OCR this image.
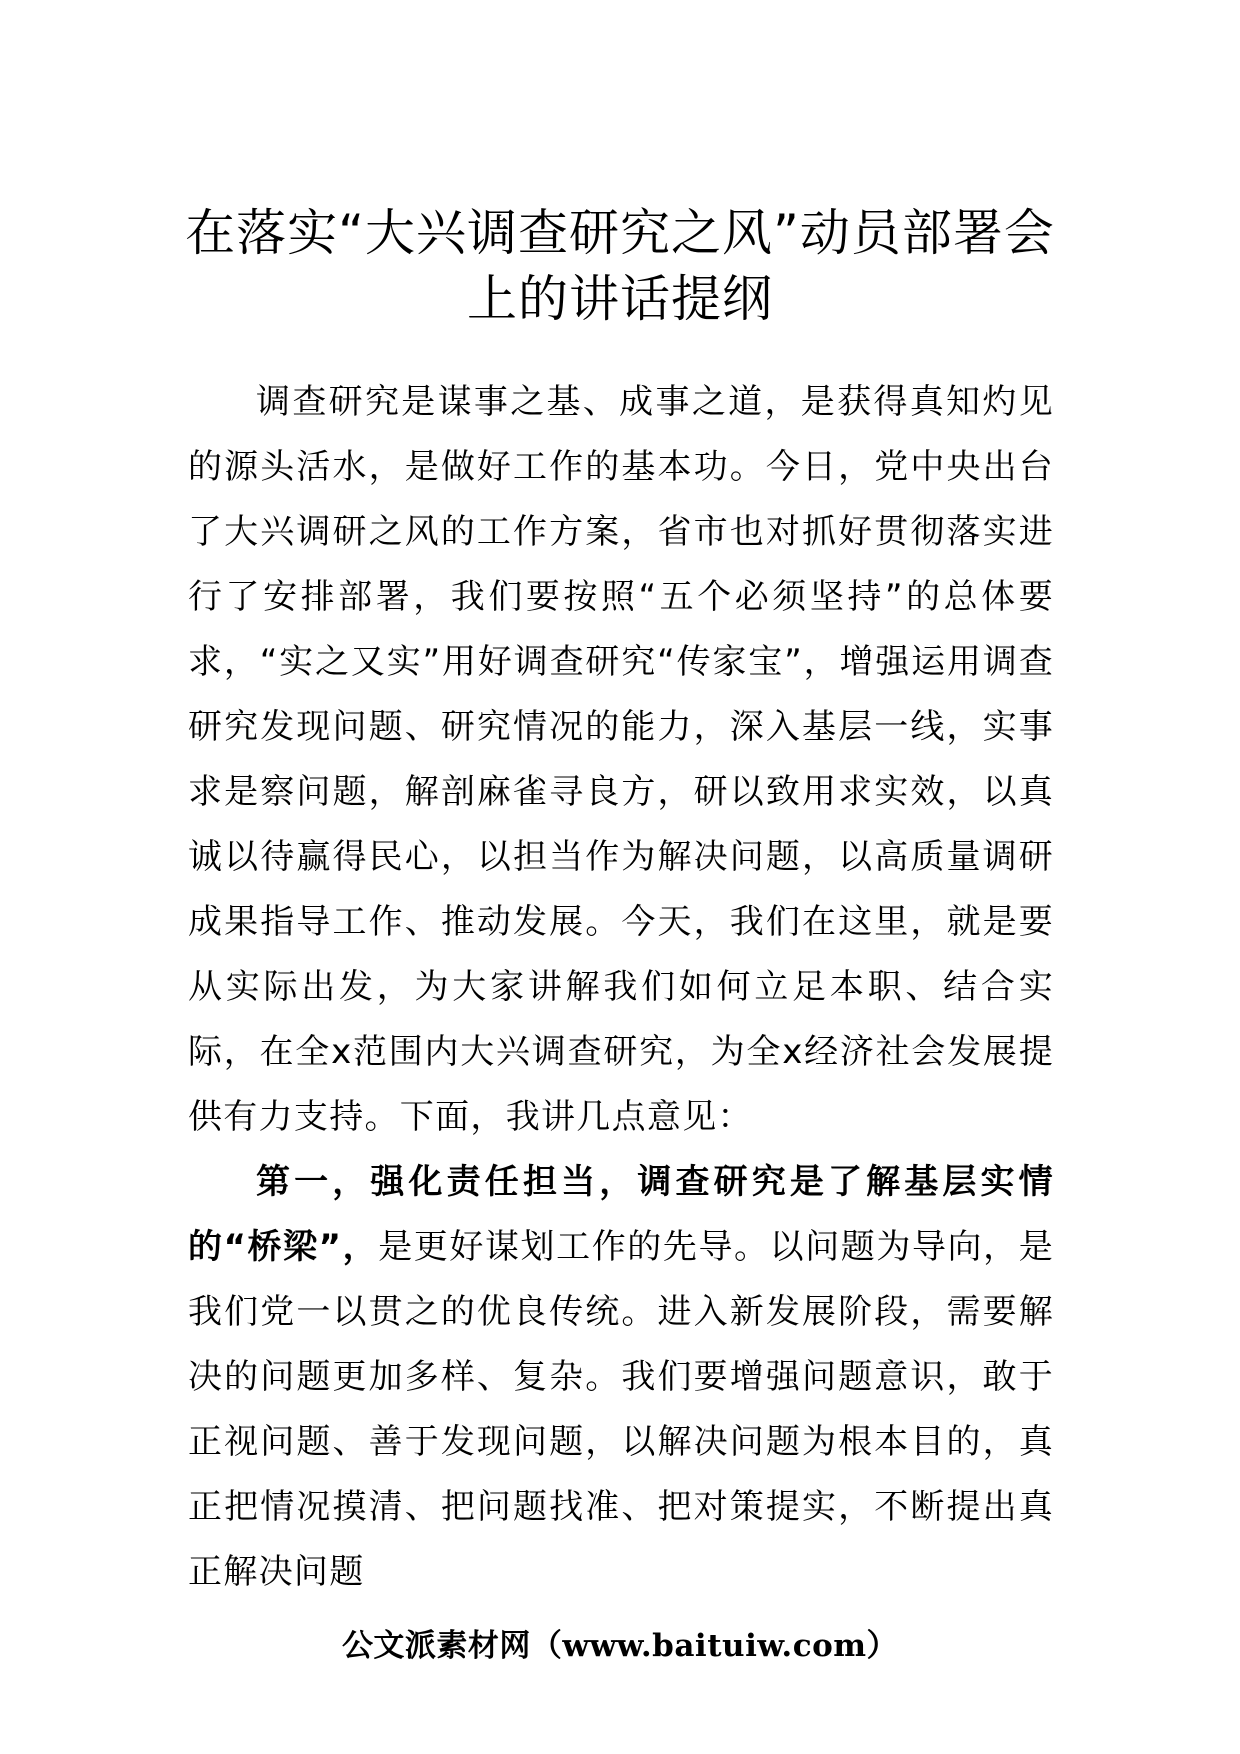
在落实“大兴调查研究之风”动员部署会
上的讲话提纲

调查研究是谋事之基、成事之道，是获得真知灼见的源头活水，是做好工作的基本功。今日，党中央出台了大兴调研之风的工作方案，省市也对抓好贯彻落实进行了安排部署，我们要按照“五个必须坚持”的总体要求，“实之又实”用好调查研究“传家宝”，增强运用调查研究发现问题、研究情况的能力，深入基层一线，实事求是察问题，解剖麻雀寻良方，研以致用求实效，以真诚以待赢得民心，以担当作为解决问题，以高质量调研成果指导工作、推动发展。今天，我们在这里，就是要从实际出发，为大家讲解我们如何立足本职、结合实际，在全x范围内大兴调查研究，为全x经济社会发展提供有力支持。下面，我讲几点意见：

第一，强化责任担当，调查研究是了解基层实情的“桥梁”，是更好谋划工作的先导。以问题为导向，是我们党一以贯之的优良传统。进入新发展阶段，需要解决的问题更加多样、复杂。我们要增强问题意识，敢于正视问题、善于发现问题，以解决问题为根本目的，真正把情况摸清、把问题找准、把对策提实，不断提出真正解决问题

公文派素材网（www.baituiw.com）
